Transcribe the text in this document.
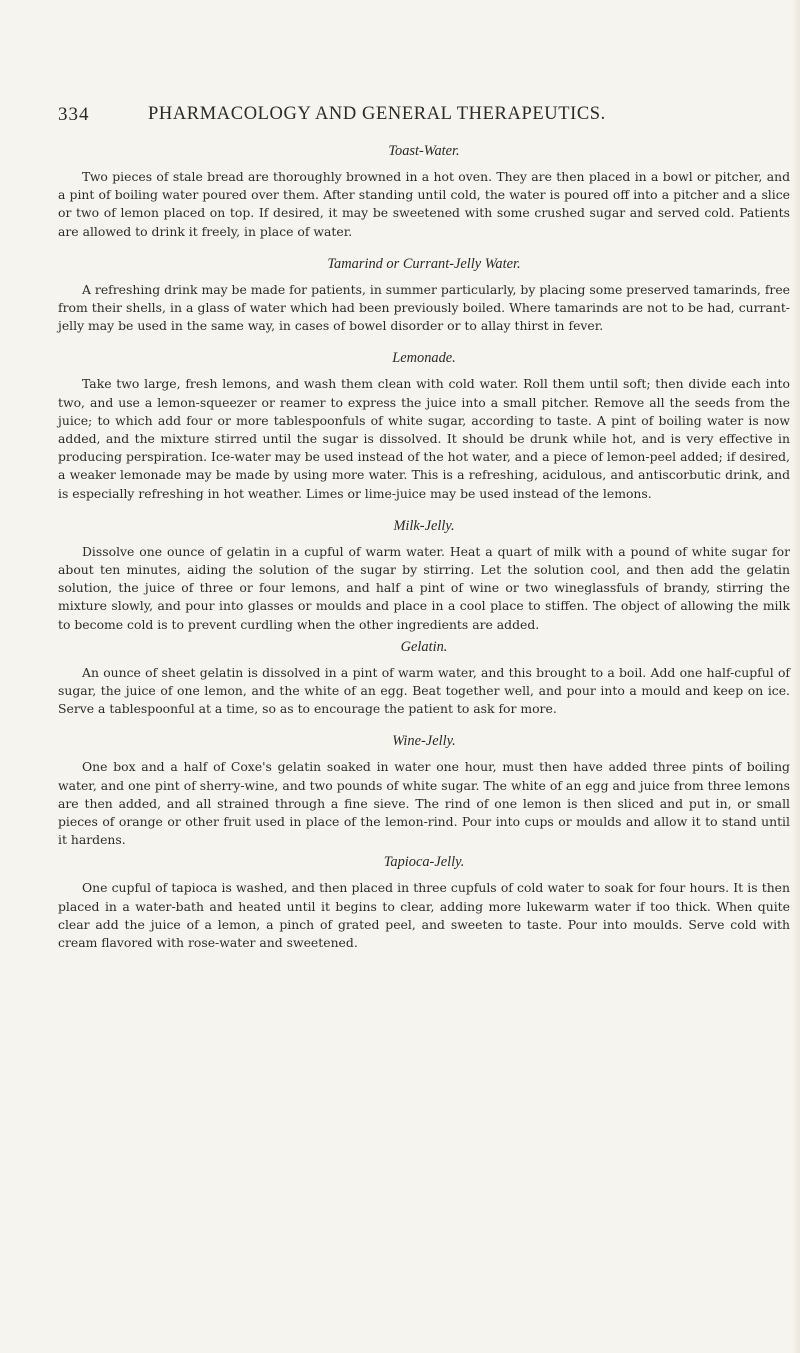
334	PHARMACOLOGY AND GENERAL THERAPEUTICS.
Toast-Water.

Two pieces of stale bread are thoroughly browned in a hot oven. They are then placed in a bowl or pitcher, and a pint of boiling water poured over them. After standing until cold, the water is poured off into a pitcher and a slice or two of lemon placed on top. If desired, it may be sweetened with some crushed sugar and served cold. Patients are allowed to drink it freely, in place of water.

Tamarind or Currant-Jelly Water.

A refreshing drink may be made for patients, in summer particularly, by placing some preserved tamarinds, free from their shells, in a glass of water which had been previously boiled. Where tamarinds are not to be had, currant-jelly may be used in the same way, in cases of bowel disorder or to allay thirst in fever.

Lemonade.

Take two large, fresh lemons, and wash them clean with cold water. Roll them until soft; then divide each into two, and use a lemon-squeezer or reamer to express the juice into a small pitcher. Remove all the seeds from the juice; to which add four or more tablespoonfuls of white sugar, according to taste. A pint of boiling water is now added, and the mixture stirred until the sugar is dissolved. It should be drunk while hot, and is very effective in producing perspiration. Ice-water may be used instead of the hot water, and a piece of lemon-peel added; if desired, a weaker lemonade may be made by using more water. This is a refreshing, acidulous, and antiscorbutic drink, and is especially refreshing in hot weather. Limes or lime-juice may be used instead of the lemons.

Milk-Jelly.

Dissolve one ounce of gelatin in a cupful of warm water. Heat a quart of milk with a pound of white sugar for about ten minutes, aiding the solution of the sugar by stirring. Let the solution cool, and then add the gelatin solution, the juice of three or four lemons, and half a pint of wine or two wineglassfuls of brandy, stirring the mixture slowly, and pour into glasses or moulds and place in a cool place to stiffen. The object of allowing the milk to become cold is to prevent curdling when the other ingredients are added.

Gelatin.

An ounce of sheet gelatin is dissolved in a pint of warm water, and this brought to a boil. Add one half-cupful of sugar, the juice of one lemon, and the white of an egg. Beat together well, and pour into a mould and keep on ice. Serve a tablespoonful at a time, so as to encourage the patient to ask for more.

Wine-Jelly.

One box and a half of Coxe's gelatin soaked in water one hour, must then have added three pints of boiling water, and one pint of sherry-wine, and two pounds of white sugar. The white of an egg and juice from three lemons are then added, and all strained through a fine sieve. The rind of one lemon is then sliced and put in, or small pieces of orange or other fruit used in place of the lemon-rind. Pour into cups or moulds and allow it to stand until it hardens.

Tapioca-Jelly.

One cupful of tapioca is washed, and then placed in three cupfuls of cold water to soak for four hours. It is then placed in a water-bath and heated until it begins to clear, adding more lukewarm water if too thick. When quite clear add the juice of a lemon, a pinch of grated peel, and sweeten to taste. Pour into moulds. Serve cold with cream flavored with rose-water and sweetened.
